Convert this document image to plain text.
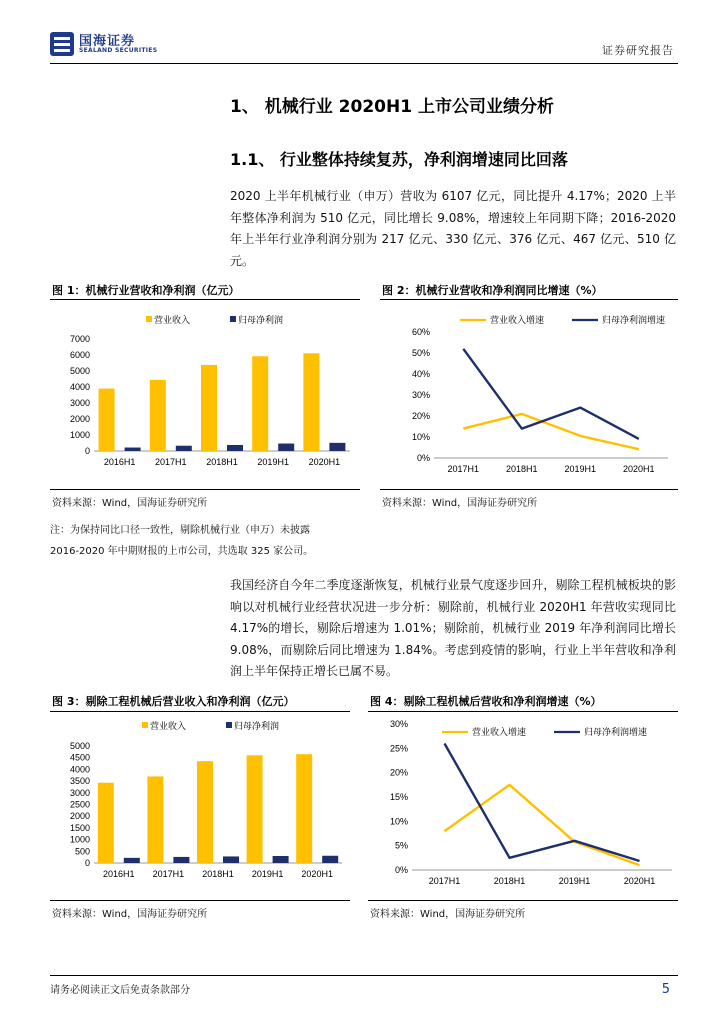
国海证券
SEALAND SECURITIES	证券研究报告
1、 机械行业 2020H1 上市公司业绩分析
1.1、 行业整体持续复苏，净利润增速同比回落
2020 上半年机械行业（申万）营收为 6107 亿元，同比提升 4.17%；2020 上半年整体净利润为 510 亿元，同比增长 9.08%，增速较上年同期下降；2016-2020 年上半年行业净利润分别为 217 亿元、330 亿元、376 亿元、467 亿元、510 亿元。
图 1：机械行业营收和净利润（亿元）	图 2：机械行业营收和净利润同比增速（%）
营业收入	归母净利润
0
1000
2000
3000
4000
5000
6000
7000
2016H1 2017H1 2018H1 2019H1 2020H1
营业收入增速	归母净利润增速
0%
10%
20%
30%
40%
50%
60%
2017H1	2018H1	2019H1	2020H1
资料来源：Wind，国海证券研究所	资料来源：Wind，国海证券研究所
注：为保持同比口径一致性，剔除机械行业（申万）未披露
2016-2020 年中期财报的上市公司，共选取 325 家公司。
我国经济自今年二季度逐渐恢复，机械行业景气度逐步回升，剔除工程机械板块的影响以对机械行业经营状况进一步分析：剔除前，机械行业 2020H1 年营收实现同比 4.17%的增长，剔除后增速为 1.01%；剔除前，机械行业 2019 年净利润同比增长 9.08%，而剔除后同比增速为 1.84%。考虑到疫情的影响，行业上半年营收和净利润上半年保持正增长已属不易。
图 3：剔除工程机械后营业收入和净利润（亿元）	图 4：剔除工程机械后营收和净利润增速（%）
营业收入	归母净利润
0
500
1000
1500
2000
2500
3000
3500
4000
4500
5000
2016H1 2017H1 2018H1 2019H1 2020H1
营业收入增速	归母净利润增速
0%
5%
10%
15%
20%
25%
30%
2017H1	2018H1	2019H1	2020H1
资料来源：Wind，国海证券研究所	资料来源：Wind，国海证券研究所
请务必阅读正文后免责条款部分	5
